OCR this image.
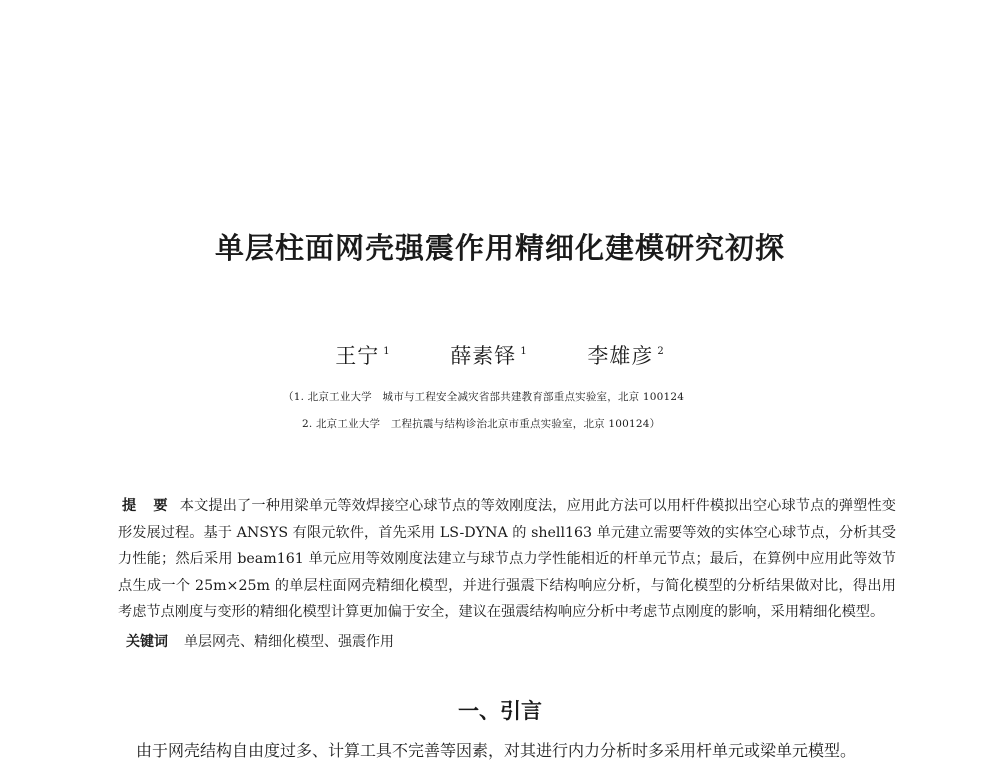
单层柱面网壳强震作用精细化建模研究初探
王宁 $^1$	薛素铎 $^1$	李雄彦 $^2$
（1. 北京工业大学　城市与工程安全减灾省部共建教育部重点实验室，北京 100124
2. 北京工业大学　工程抗震与结构诊治北京市重点实验室，北京 100124）

提 要 本文提出了一种用梁单元等效焊接空心球节点的等效刚度法，应用此方法可以用杆件模拟出空心球节点的弹塑性变形发展过程。基于 ANSYS 有限元软件，首先采用 LS-DYNA 的 shell163 单元建立需要等效的实体空心球节点，分析其受力性能；然后采用 beam161 单元应用等效刚度法建立与球节点力学性能相近的杆单元节点；最后，在算例中应用此等效节点生成一个 25m×25m 的单层柱面网壳精细化模型，并进行强震下结构响应分析，与简化模型的分析结果做对比，得出用考虑节点刚度与变形的精细化模型计算更加偏于安全，建议在强震结构响应分析中考虑节点刚度的影响，采用精细化模型。

关键词 单层网壳、精细化模型、强震作用
一、引言

由于网壳结构自由度过多、计算工具不完善等因素，对其进行内力分析时多采用杆单元或梁单元模型。
